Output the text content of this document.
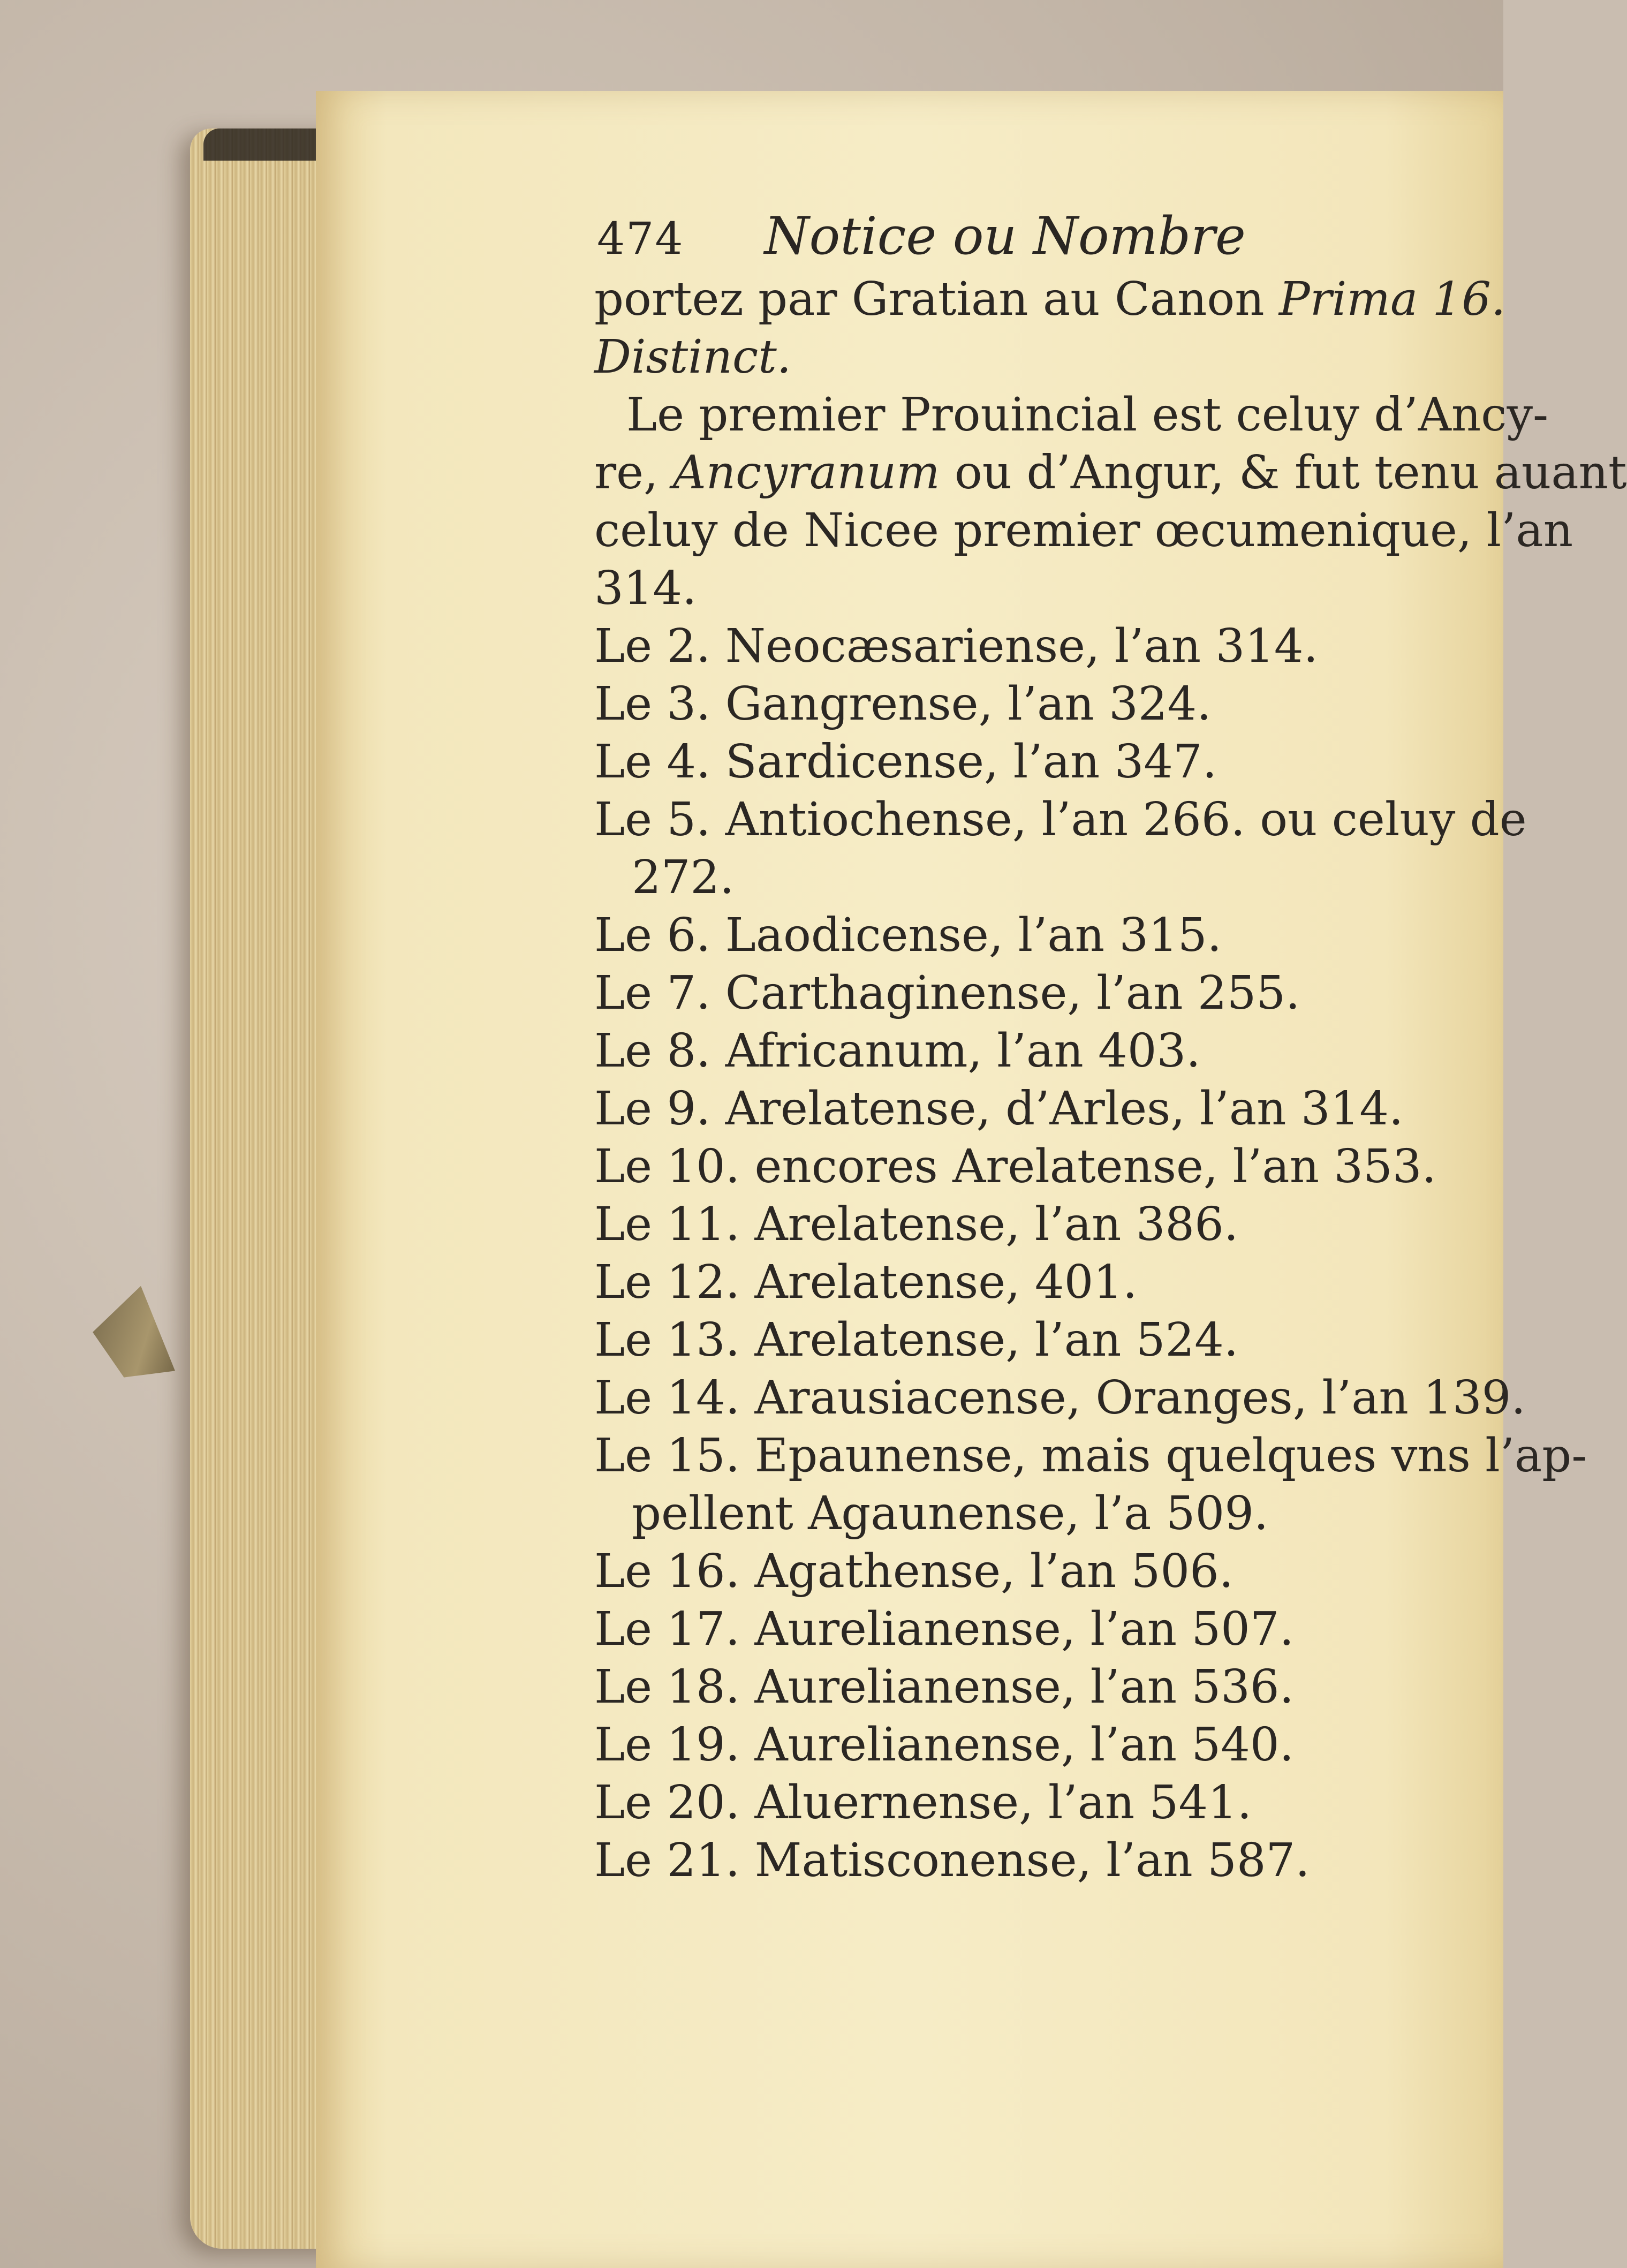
474 Notice ou Nombre
portez par Gratian au Canon Prima 16.
Distinct.
Le premier Prouincial est celuy d’Ancy-
re, Ancyranum ou d’Angur, & fut tenu auant
celuy de Nicee premier œcumenique, l’an
314.
Le 2. Neocæsariense, l’an 314.
Le 3. Gangrense, l’an 324.
Le 4. Sardicense, l’an 347.
Le 5. Antiochense, l’an 266. ou celuy de
272.
Le 6. Laodicense, l’an 315.
Le 7. Carthaginense, l’an 255.
Le 8. Africanum, l’an 403.
Le 9. Arelatense, d’Arles, l’an 314.
Le 10. encores Arelatense, l’an 353.
Le 11. Arelatense, l’an 386.
Le 12. Arelatense, 401.
Le 13. Arelatense, l’an 524.
Le 14. Arausiacense, Oranges, l’an 139.
Le 15. Epaunense, mais quelques vns l’ap-
pellent Agaunense, l’a 509.
Le 16. Agathense, l’an 506.
Le 17. Aurelianense, l’an 507.
Le 18. Aurelianense, l’an 536.
Le 19. Aurelianense, l’an 540.
Le 20. Aluernense, l’an 541.
Le 21. Matisconense, l’an 587.
